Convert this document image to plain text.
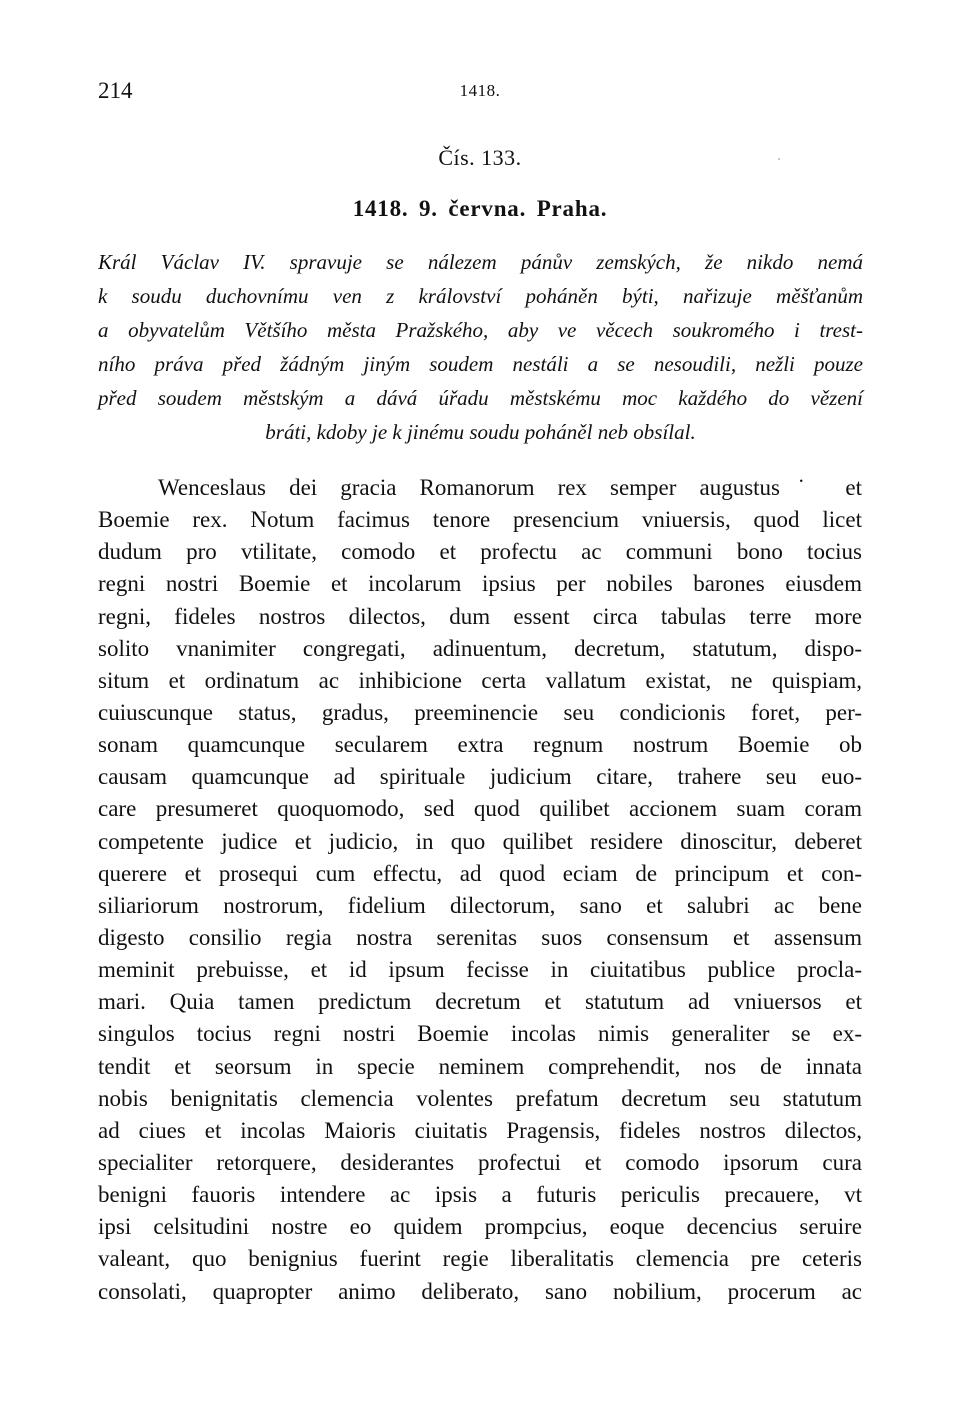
214	1418.
Čís. 133.
1418. 9. června. Praha.
Král Václav IV. spravuje se nálezem pánův zemských, že nikdo nemá
k soudu duchovnímu ven z království poháněn býti, nařizuje měšťanům
a obyvatelům Většího města Pražského, aby ve věcech soukromého i trest-
ního práva před žádným jiným soudem nestáli a se nesoudili, nežli pouze
před soudem městským a dává úřadu městskému moc každého do vězení
bráti, kdoby je k jinému soudu poháněl neb obsílal.
Wenceslaus dei gracia Romanorum rex semper augustus˙ et
Boemie rex. Notum facimus tenore presencium vniuersis, quod licet
dudum pro vtilitate, comodo et profectu ac communi bono tocius
regni nostri Boemie et incolarum ipsius per nobiles barones eiusdem
regni, fideles nostros dilectos, dum essent circa tabulas terre more
solito vnanimiter congregati, adinuentum, decretum, statutum, dispo-
situm et ordinatum ac inhibicione certa vallatum existat, ne quispiam,
cuiuscunque status, gradus, preeminencie seu condicionis foret, per-
sonam quamcunque secularem extra regnum nostrum Boemie ob
causam quamcunque ad spirituale judicium citare, trahere seu euo-
care presumeret quoquomodo, sed quod quilibet accionem suam coram
competente judice et judicio, in quo quilibet residere dinoscitur, deberet
querere et prosequi cum effectu, ad quod eciam de principum et con-
siliariorum nostrorum, fidelium dilectorum, sano et salubri ac bene
digesto consilio regia nostra serenitas suos consensum et assensum
meminit prebuisse, et id ipsum fecisse in ciuitatibus publice procla-
mari. Quia tamen predictum decretum et statutum ad vniuersos et
singulos tocius regni nostri Boemie incolas nimis generaliter se ex-
tendit et seorsum in specie neminem comprehendit, nos de innata
nobis benignitatis clemencia volentes prefatum decretum seu statutum
ad ciues et incolas Maioris ciuitatis Pragensis, fideles nostros dilectos,
specialiter retorquere, desiderantes profectui et comodo ipsorum cura
benigni fauoris intendere ac ipsis a futuris periculis precauere, vt
ipsi celsitudini nostre eo quidem prompcius, eoque decencius seruire
valeant, quo benignius fuerint regie liberalitatis clemencia pre ceteris
consolati, quapropter animo deliberato, sano nobilium, procerum ac
